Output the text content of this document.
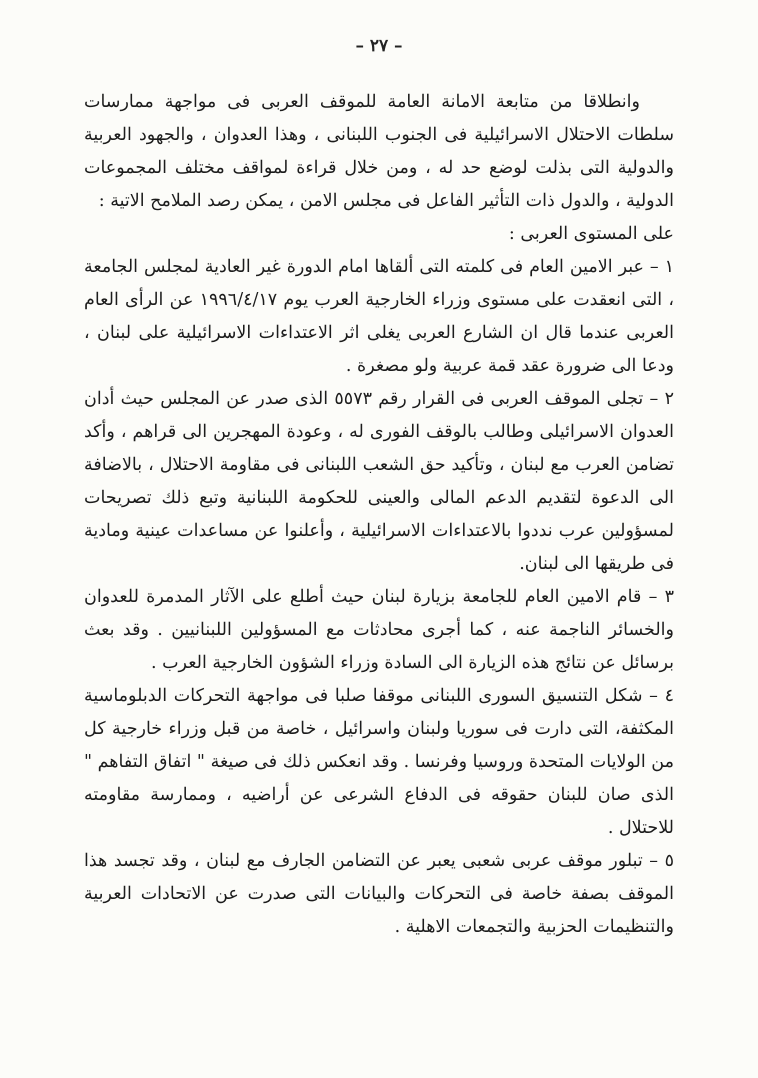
– ٢٧ –

وانطلاقا من متابعة الامانة العامة للموقف العربى فى مواجهة ممارسات سلطات الاحتلال الاسرائيلية فى الجنوب اللبنانى ، وهذا العدوان ، والجهود العربية والدولية التى بذلت لوضع حد له ، ومن خلال قراءة لمواقف مختلف المجموعات الدولية ، والدول ذات التأثير الفاعل فى مجلس الامن ، يمكن رصد الملامح الاتية :

على المستوى العربى :

١ – عبر الامين العام فى كلمته التى ألقاها امام الدورة غير العادية لمجلس الجامعة ، التى انعقدت على مستوى وزراء الخارجية العرب يوم ١٩٩٦/٤/١٧ عن الرأى العام العربى عندما قال ان الشارع العربى يغلى اثر الاعتداءات الاسرائيلية على لبنان ، ودعا الى ضرورة عقد قمة عربية ولو مصغرة .

٢ – تجلى الموقف العربى فى القرار رقم ٥٥٧٣ الذى صدر عن المجلس حيث أدان العدوان الاسرائيلى وطالب بالوقف الفورى له ، وعودة المهجرين الى قراهم ، وأكد تضامن العرب مع لبنان ، وتأكيد حق الشعب اللبنانى فى مقاومة الاحتلال ، بالاضافة الى الدعوة لتقديم الدعم المالى والعينى للحكومة اللبنانية وتبع ذلك تصريحات لمسؤولين عرب نددوا بالاعتداءات الاسرائيلية ، وأعلنوا عن مساعدات عينية ومادية فى طريقها الى لبنان.

٣ – قام الامين العام للجامعة بزيارة لبنان حيث أطلع على الآثار المدمرة للعدوان والخسائر الناجمة عنه ، كما أجرى محادثات مع المسؤولين اللبنانيين . وقد بعث برسائل عن نتائج هذه الزيارة الى السادة وزراء الشؤون الخارجية العرب .

٤ – شكل التنسيق السورى اللبنانى موقفا صلبا فى مواجهة التحركات الدبلوماسية المكثفة، التى دارت فى سوريا ولبنان واسرائيل ، خاصة من قبل وزراء خارجية كل من الولايات المتحدة وروسيا وفرنسا . وقد انعكس ذلك فى صيغة " اتفاق التفاهم " الذى صان للبنان حقوقه فى الدفاع الشرعى عن أراضيه ، وممارسة مقاومته للاحتلال .

٥ – تبلور موقف عربى شعبى يعبر عن التضامن الجارف مع لبنان ، وقد تجسد هذا الموقف بصفة خاصة فى التحركات والبيانات التى صدرت عن الاتحادات العربية والتنظيمات الحزبية والتجمعات الاهلية .
